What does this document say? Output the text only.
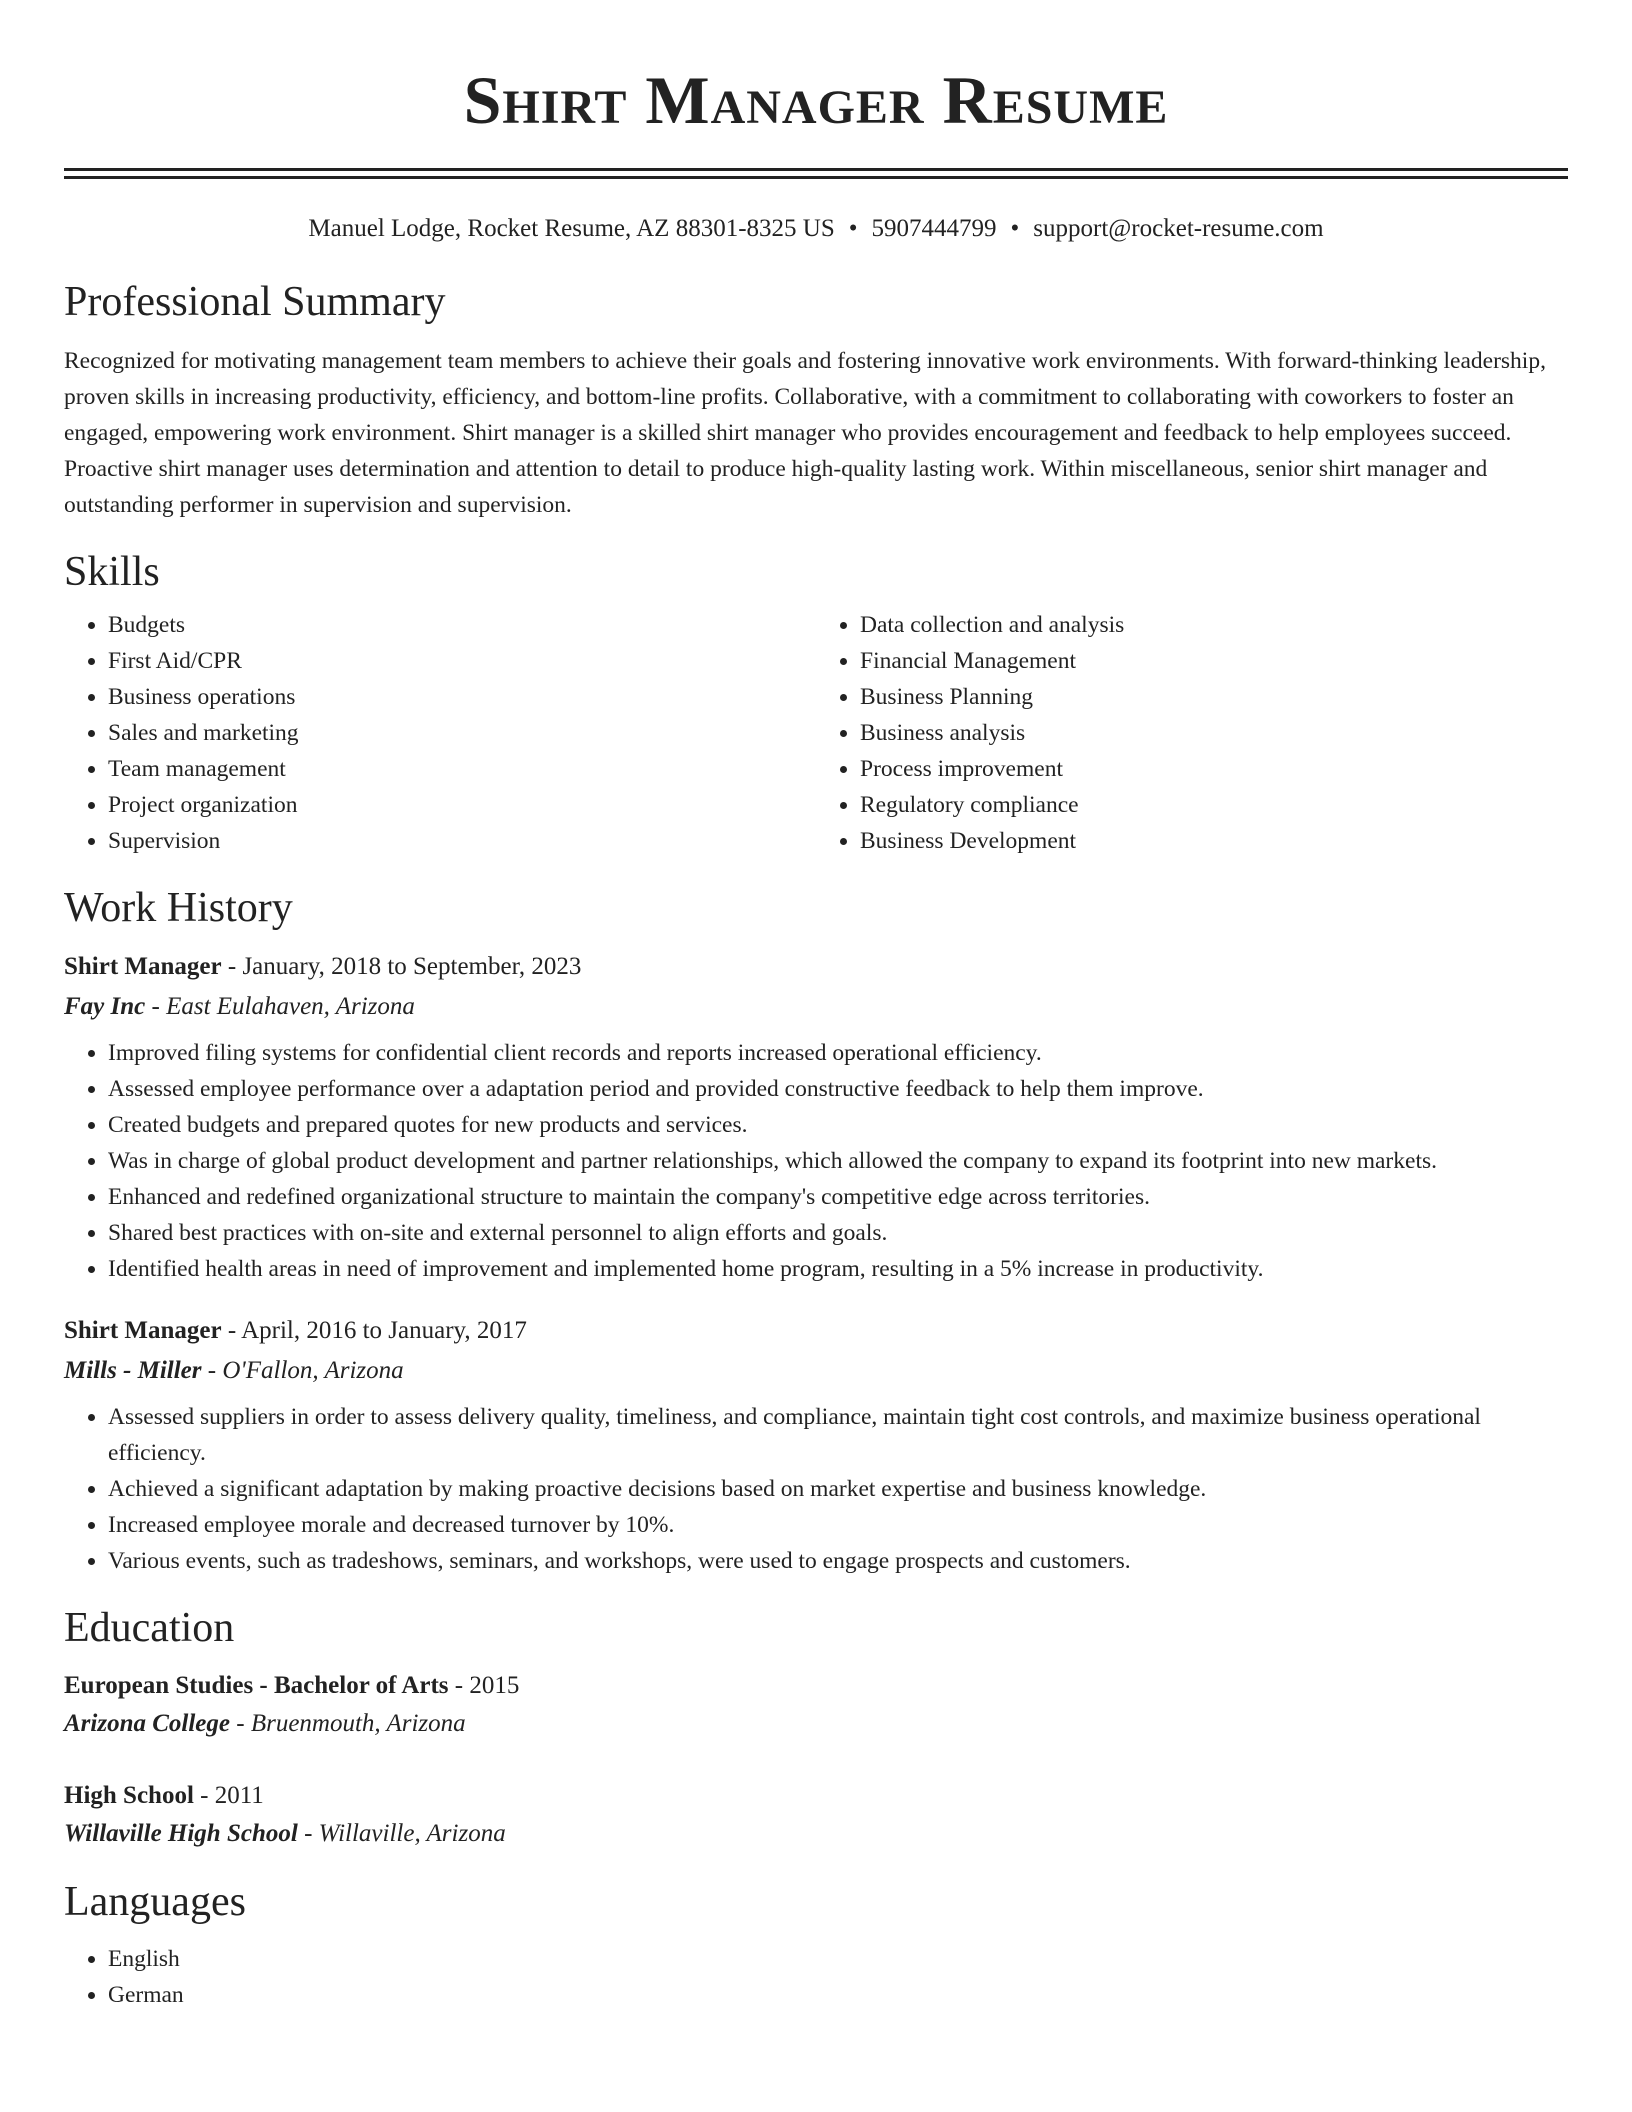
Shirt Manager Resume
Manuel Lodge, Rocket Resume, AZ 88301-8325 US • 5907444799 • support@rocket-resume.com
Professional Summary

Recognized for motivating management team members to achieve their goals and fostering innovative work environments. With forward-thinking leadership, proven skills in increasing productivity, efficiency, and bottom-line profits. Collaborative, with a commitment to collaborating with coworkers to foster an engaged, empowering work environment. Shirt manager is a skilled shirt manager who provides encouragement and feedback to help employees succeed. Proactive shirt manager uses determination and attention to detail to produce high-quality lasting work. Within miscellaneous, senior shirt manager and outstanding performer in supervision and supervision.

Skills
• Budgets
• First Aid/CPR
• Business operations
• Sales and marketing
• Team management
• Project organization
• Supervision
• Data collection and analysis
• Financial Management
• Business Planning
• Business analysis
• Process improvement
• Regulatory compliance
• Business Development
Work History
Shirt Manager - January, 2018 to September, 2023
Fay Inc - East Eulahaven, Arizona
• Improved filing systems for confidential client records and reports increased operational efficiency.
• Assessed employee performance over a adaptation period and provided constructive feedback to help them improve.
• Created budgets and prepared quotes for new products and services.
• Was in charge of global product development and partner relationships, which allowed the company to expand its footprint into new markets.
• Enhanced and redefined organizational structure to maintain the company's competitive edge across territories.
• Shared best practices with on-site and external personnel to align efforts and goals.
• Identified health areas in need of improvement and implemented home program, resulting in a 5% increase in productivity.
Shirt Manager - April, 2016 to January, 2017
Mills - Miller - O'Fallon, Arizona
• Assessed suppliers in order to assess delivery quality, timeliness, and compliance, maintain tight cost controls, and maximize business operational efficiency.
• Achieved a significant adaptation by making proactive decisions based on market expertise and business knowledge.
• Increased employee morale and decreased turnover by 10%.
• Various events, such as tradeshows, seminars, and workshops, were used to engage prospects and customers.
Education
European Studies - Bachelor of Arts - 2015
Arizona College - Bruenmouth, Arizona
High School - 2011
Willaville High School - Willaville, Arizona
Languages
• English
• German
